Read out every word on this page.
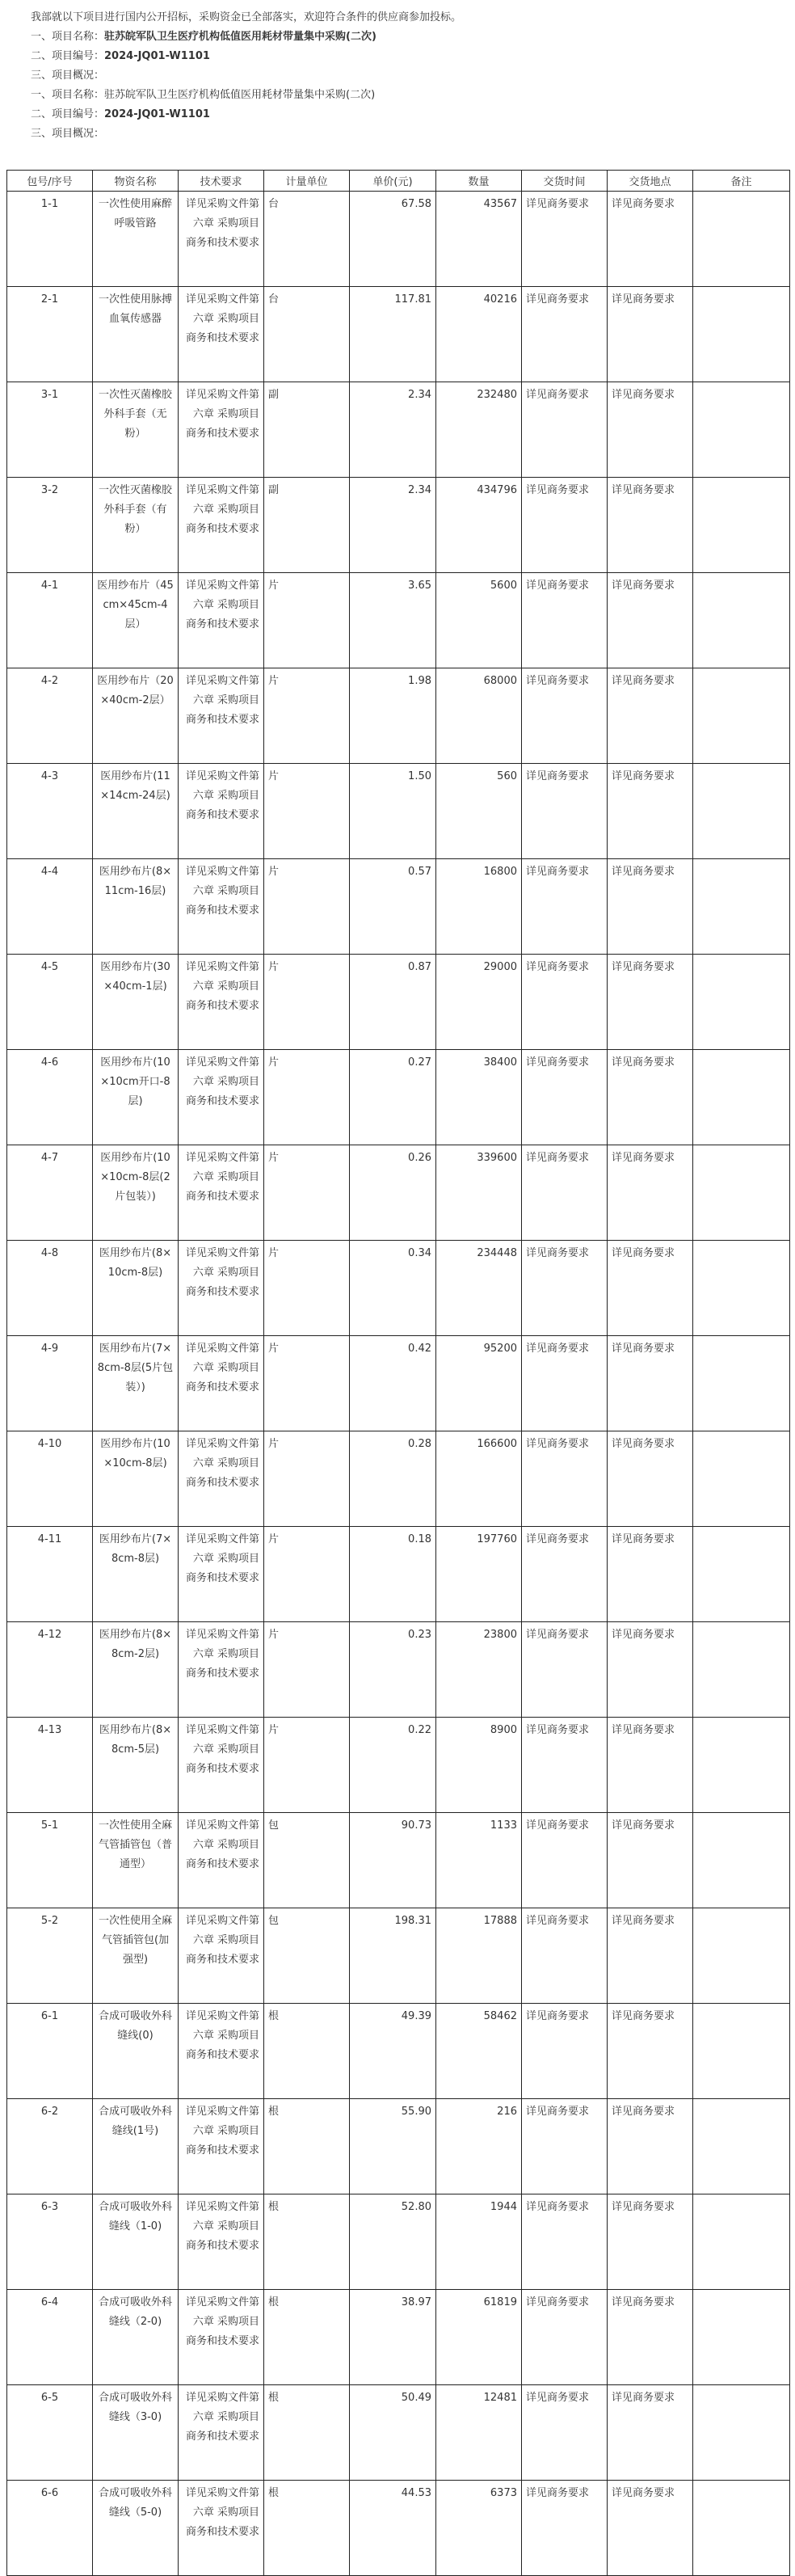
我部就以下项目进行国内公开招标，采购资金已全部落实，欢迎符合条件的供应商参加投标。

一、项目名称：驻苏皖军队卫生医疗机构低值医用耗材带量集中采购(二次)

二、项目编号：2024-JQ01-W1101

三、项目概况：

一、项目名称：驻苏皖军队卫生医疗机构低值医用耗材带量集中采购(二次)

二、项目编号：2024-JQ01-W1101

三、项目概况：

包号/序号	物资名称	技术要求	计量单位	单价(元)	数量	交货时间	交货地点	备注
1-1	一次性使用麻醉呼吸管路	详见采购文件第六章 采购项目商务和技术要求	台	67.58	43567	详见商务要求	详见商务要求	
2-1	一次性使用脉搏血氧传感器	详见采购文件第六章 采购项目商务和技术要求	台	117.81	40216	详见商务要求	详见商务要求	
3-1	一次性灭菌橡胶外科手套（无粉）	详见采购文件第六章 采购项目商务和技术要求	副	2.34	232480	详见商务要求	详见商务要求	
3-2	一次性灭菌橡胶外科手套（有粉）	详见采购文件第六章 采购项目商务和技术要求	副	2.34	434796	详见商务要求	详见商务要求	
4-1	医用纱布片（45cm×45cm-4层）	详见采购文件第六章 采购项目商务和技术要求	片	3.65	5600	详见商务要求	详见商务要求	
4-2	医用纱布片（20×40cm-2层）	详见采购文件第六章 采购项目商务和技术要求	片	1.98	68000	详见商务要求	详见商务要求	
4-3	医用纱布片(11×14cm-24层)	详见采购文件第六章 采购项目商务和技术要求	片	1.50	560	详见商务要求	详见商务要求	
4-4	医用纱布片(8×11cm-16层)	详见采购文件第六章 采购项目商务和技术要求	片	0.57	16800	详见商务要求	详见商务要求	
4-5	医用纱布片(30×40cm-1层)	详见采购文件第六章 采购项目商务和技术要求	片	0.87	29000	详见商务要求	详见商务要求	
4-6	医用纱布片(10×10cm开口-8层)	详见采购文件第六章 采购项目商务和技术要求	片	0.27	38400	详见商务要求	详见商务要求	
4-7	医用纱布片(10×10cm-8层(2片包装）)	详见采购文件第六章 采购项目商务和技术要求	片	0.26	339600	详见商务要求	详见商务要求	
4-8	医用纱布片(8×10cm-8层)	详见采购文件第六章 采购项目商务和技术要求	片	0.34	234448	详见商务要求	详见商务要求	
4-9	医用纱布片(7×8cm-8层(5片包装）)	详见采购文件第六章 采购项目商务和技术要求	片	0.42	95200	详见商务要求	详见商务要求	
4-10	医用纱布片(10×10cm-8层)	详见采购文件第六章 采购项目商务和技术要求	片	0.28	166600	详见商务要求	详见商务要求	
4-11	医用纱布片(7×8cm-8层)	详见采购文件第六章 采购项目商务和技术要求	片	0.18	197760	详见商务要求	详见商务要求	
4-12	医用纱布片(8×8cm-2层)	详见采购文件第六章 采购项目商务和技术要求	片	0.23	23800	详见商务要求	详见商务要求	
4-13	医用纱布片(8×8cm-5层)	详见采购文件第六章 采购项目商务和技术要求	片	0.22	8900	详见商务要求	详见商务要求	
5-1	一次性使用全麻气管插管包（普通型）	详见采购文件第六章 采购项目商务和技术要求	包	90.73	1133	详见商务要求	详见商务要求	
5-2	一次性使用全麻气管插管包(加强型)	详见采购文件第六章 采购项目商务和技术要求	包	198.31	17888	详见商务要求	详见商务要求	
6-1	合成可吸收外科缝线(0)	详见采购文件第六章 采购项目商务和技术要求	根	49.39	58462	详见商务要求	详见商务要求	
6-2	合成可吸收外科缝线(1号)	详见采购文件第六章 采购项目商务和技术要求	根	55.90	216	详见商务要求	详见商务要求	
6-3	合成可吸收外科缝线（1-0)	详见采购文件第六章 采购项目商务和技术要求	根	52.80	1944	详见商务要求	详见商务要求	
6-4	合成可吸收外科缝线（2-0)	详见采购文件第六章 采购项目商务和技术要求	根	38.97	61819	详见商务要求	详见商务要求	
6-5	合成可吸收外科缝线（3-0)	详见采购文件第六章 采购项目商务和技术要求	根	50.49	12481	详见商务要求	详见商务要求	
6-6	合成可吸收外科缝线（5-0)	详见采购文件第六章 采购项目商务和技术要求	根	44.53	6373	详见商务要求	详见商务要求	
